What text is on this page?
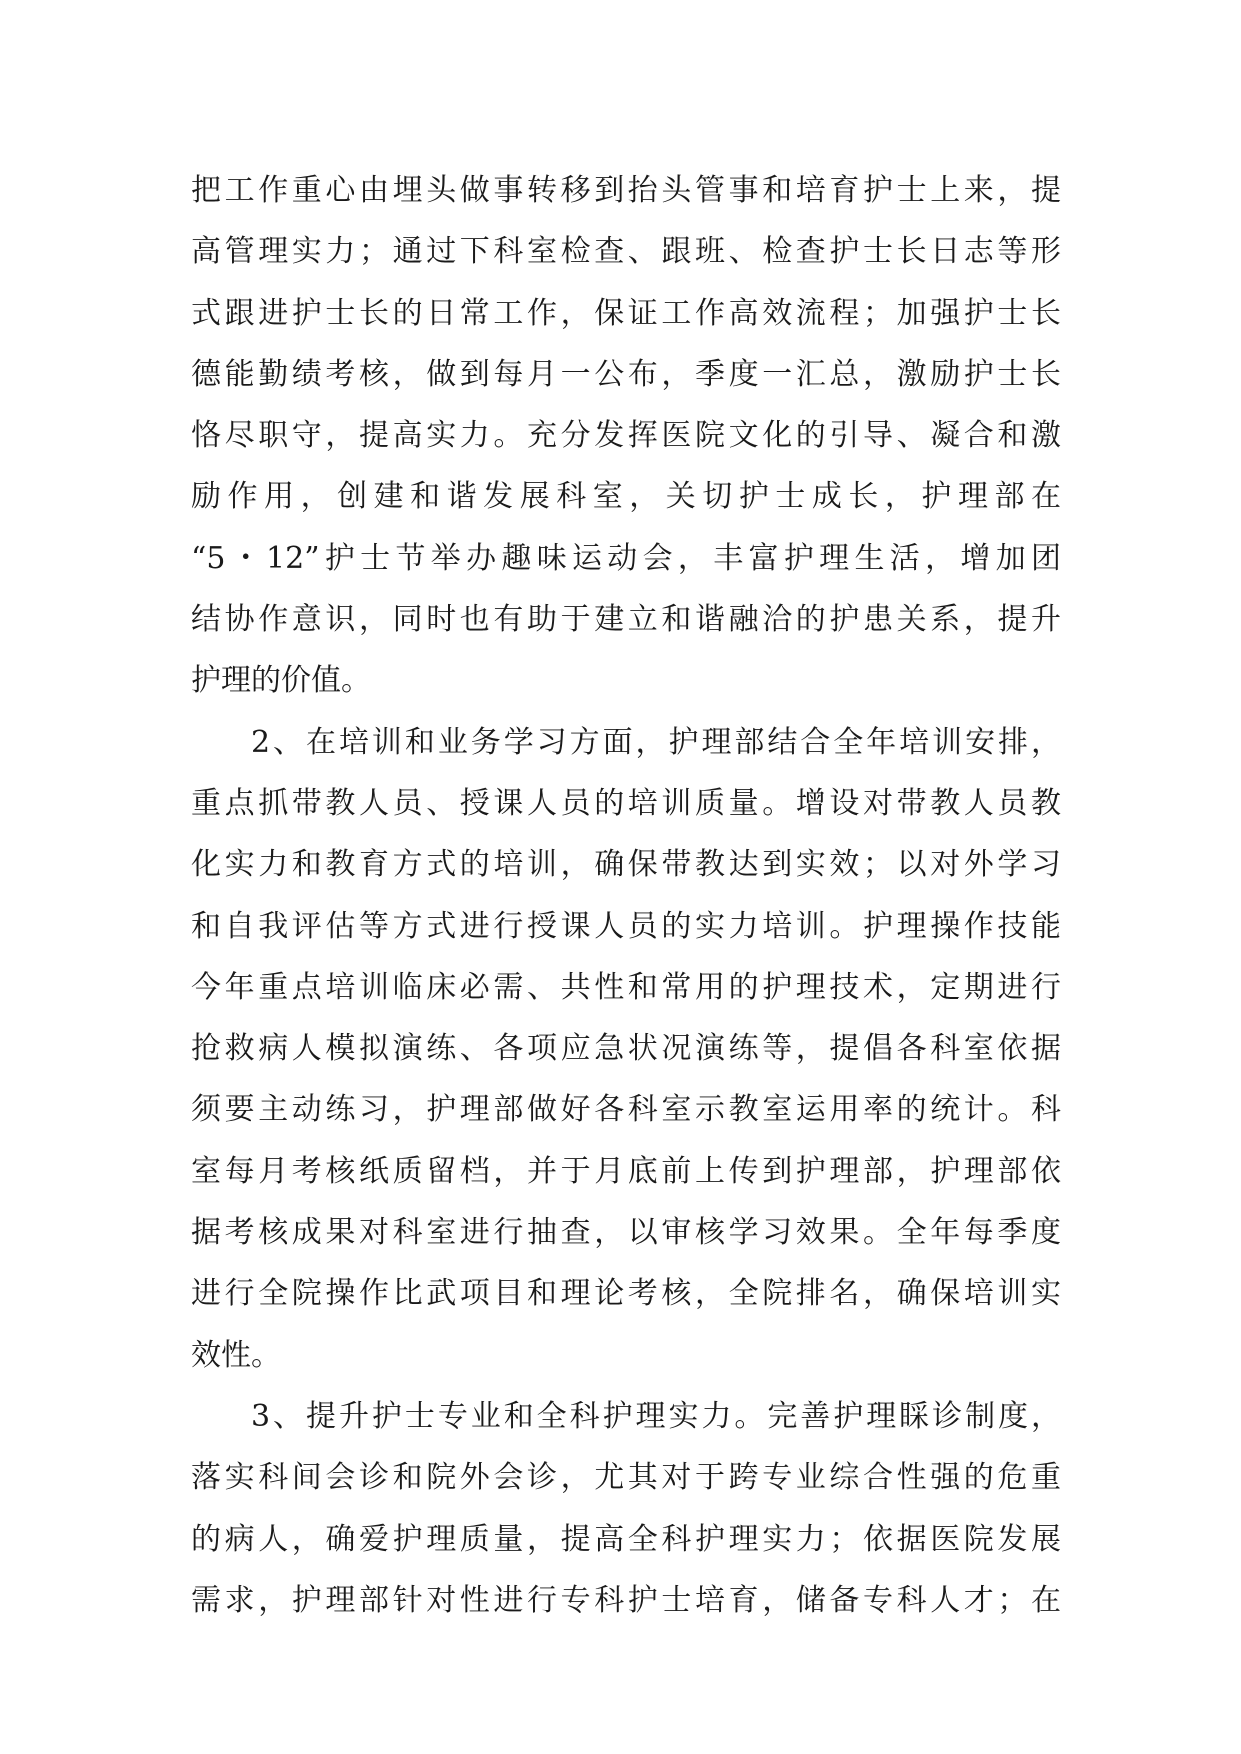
把工作重心由埋头做事转移到抬头管事和培育护士上来，提
高管理实力；通过下科室检查、跟班、检查护士长日志等形
式跟进护士长的日常工作，保证工作高效流程；加强护士长
德能勤绩考核，做到每月一公布，季度一汇总，激励护士长
恪尽职守，提高实力。充分发挥医院文化的引导、凝合和激
励作用，创建和谐发展科室，关切护士成长，护理部在
“5・12”护士节举办趣味运动会，丰富护理生活，增加团
结协作意识，同时也有助于建立和谐融洽的护患关系，提升
护理的价值。
2、在培训和业务学习方面，护理部结合全年培训安排，
重点抓带教人员、授课人员的培训质量。增设对带教人员教
化实力和教育方式的培训，确保带教达到实效；以对外学习
和自我评估等方式进行授课人员的实力培训。护理操作技能
今年重点培训临床必需、共性和常用的护理技术，定期进行
抢救病人模拟演练、各项应急状况演练等，提倡各科室依据
须要主动练习，护理部做好各科室示教室运用率的统计。科
室每月考核纸质留档，并于月底前上传到护理部，护理部依
据考核成果对科室进行抽查，以审核学习效果。全年每季度
进行全院操作比武项目和理论考核，全院排名，确保培训实
效性。
3、提升护士专业和全科护理实力。完善护理睬诊制度，
落实科间会诊和院外会诊，尤其对于跨专业综合性强的危重
的病人，确爱护理质量，提高全科护理实力；依据医院发展
需求，护理部针对性进行专科护士培育，储备专科人才；在
